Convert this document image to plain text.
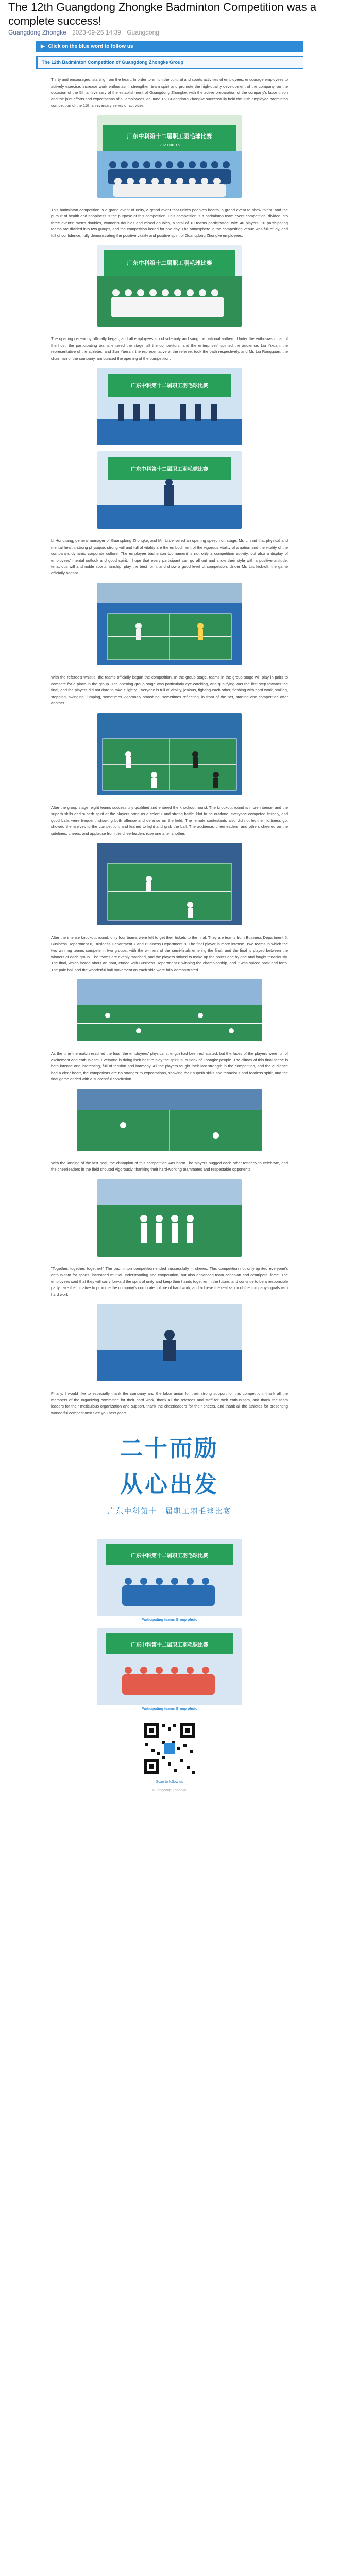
The 12th Guangdong Zhongke Badminton Competition was a complete success!
Guangdong Zhongke 2023-09-26 14:39 Guangdong
▶ Click on the blue word to follow us
The 12th Badminton Competition of Guangdong Zhongke Group

Thirty and encouraged, starting from the heart. In order to enrich the cultural and sports activities of employees, encourage employees to actively exercise, increase work enthusiasm, strengthen team spirit and promote the high-quality development of the company, on the occasion of the 5th anniversary of the establishment of Guangdong Zhongke, with the active preparation of the company's labor union and the joint efforts and expectations of all employees, on June 15, Guangdong Zhongke successfully held the 12th employee badminton competition of the 11th anniversary series of activities.

广东中科第十二届职工羽毛球比赛
2023.06.15

This badminton competition is a grand event of unity, a grand event that unites people's hearts, a grand event to show talent, and the pursuit of health and happiness is the purpose of this competition. This competition is a badminton team event competition, divided into three events: men's doubles, women's doubles and mixed doubles, a total of 10 teams participated, with 40 players. 10 participating teams are divided into two groups, and the competition lasted for one day. The atmosphere in the competition venue was full of joy, and full of confidence, fully demonstrating the positive vitality and positive spirit of Guangdong Zhongke employees.

广东中科第十二届职工羽毛球比赛

The opening ceremony officially began, and all employees stood solemnly and sang the national anthem. Under the enthusiastic call of the host, the participating teams entered the stage, all the competitors, and the enterprises' spirited the audience. Liu Yixuan, the representative of the athletes, and Sun Yueran, the representative of the referee, took the oath respectively, and Mr. Liu Rongquan, the chairman of the company, announced the opening of the competition.

广东中科第十二届职工羽毛球比赛
广东中科第十二届职工羽毛球比赛

Li Hongliang, general manager of Guangdong Zhongke, and Mr. Li delivered an opening speech on stage. Mr. Li said that physical and mental health, strong physique, strong will and full of vitality are the embodiment of the vigorous vitality of a nation and the vitality of the company's dynamic corporate culture. The employee badminton tournament is not only a competition activity, but also a display of employees' mental outlook and good spirit. I hope that every participant can go all out and show their style with a positive attitude, tenacious will and noble sportsmanship, play the best form, and show a good level of competition. Under Mr. Li's kick-off, the game officially began!

With the referee's whistle, the teams officially began the competition. In the group stage, teams in the group stage will play in pairs to compete for a place in the group. The opening group stage was particularly eye-catching, and qualifying was the first step towards the final, and the players did not dare to take it lightly. Everyone is full of vitality, jealous, fighting each other, flashing with hard work, smiling, stepping, swinging, jumping, sometimes vigorously smashing, sometimes reflecting, in front of the net, starting one competition after another.

After the group stage, eight teams successfully qualified and entered the knockout round. The knockout round is more intense, and the superb skills and superb spirit of the players bring us a colorful and strong battle. Not to be outdone, everyone competed fiercely, and good balls were frequent, showing both offense and defense on the field. The female contestants also did not let their loftiness go, showed themselves to the competition, and leaned to fight and grab the ball. The audience, cheerleaders, and others cheered on the sidelines, cheers, and applause from the cheerleaders rose one after another.

After the intense knockout round, only four teams were left to get their tickets to the final. They are teams from Business Department 5, Business Department 6, Business Department 7 and Business Department 8. The final player is more intense. Two teams in which the two winning teams compete in two groups, with the winners of the semi-finals entering the final, and the final is played between the winners of each group. The teams are evenly matched, and the players strived to make up the points one by one and fought tenaciously. The final, which lasted about an hour, ended with Business Department 8 winning the championship, and it was spiced back and forth. The pale ball and the wonderful ball movement on each side were fully demonstrated.

As the time the match reached the final, the employees' physical strength had been exhausted, but the faces of the players were full of excitement and enthusiasm, Everyone is doing their best to play the spiritual outlook of Zhongke people. The climax of this final scene is both intense and interesting, full of tension and harmony. All the players fought their last strength in the competition, and the audience had a clear heart, the competitors are no stranger to expectations, showing their superb skills and tenacious and fearless spirit, and the final game ended with a successful conclusion.

With the landing of the last goal, the champion of this competition was born! The players hugged each other tenderly to celebrate, and the cheerleaders in the field shouted vigorously, thanking their hard-working teammates and respectable opponents.

"Together, together, together!" The badminton competition ended successfully in cheers. This competition not only ignited everyone's enthusiasm for sports, increased mutual understanding and cooperation, but also enhanced team cohesion and centripetal force. The employees said that they will carry forward the spirit of unity and keep their hands together in the future, and continue to be a responsible party, take the initiative to promote the company's corporate culture of hard work, and achieve the realization of the company's goals with hard work.

Finally, I would like to especially thank the company and the labor union for their strong support for this competition, thank all the members of the organizing committee for their hard work, thank all the referees and staff for their enthusiasm, and thank the team leaders for their meticulous organization and support, thank the cheerleaders for their cheers, and thank all the athletes for presenting wonderful competitions! See you next year!

二十而励
从心出发
广东中科第十二届职工羽毛球比赛
广东中科第十二届职工羽毛球比赛
Participating teams Group photo
广东中科第十二届职工羽毛球比赛
Participating teams Group photo
Scan to follow us
Guangdong Zhongke
